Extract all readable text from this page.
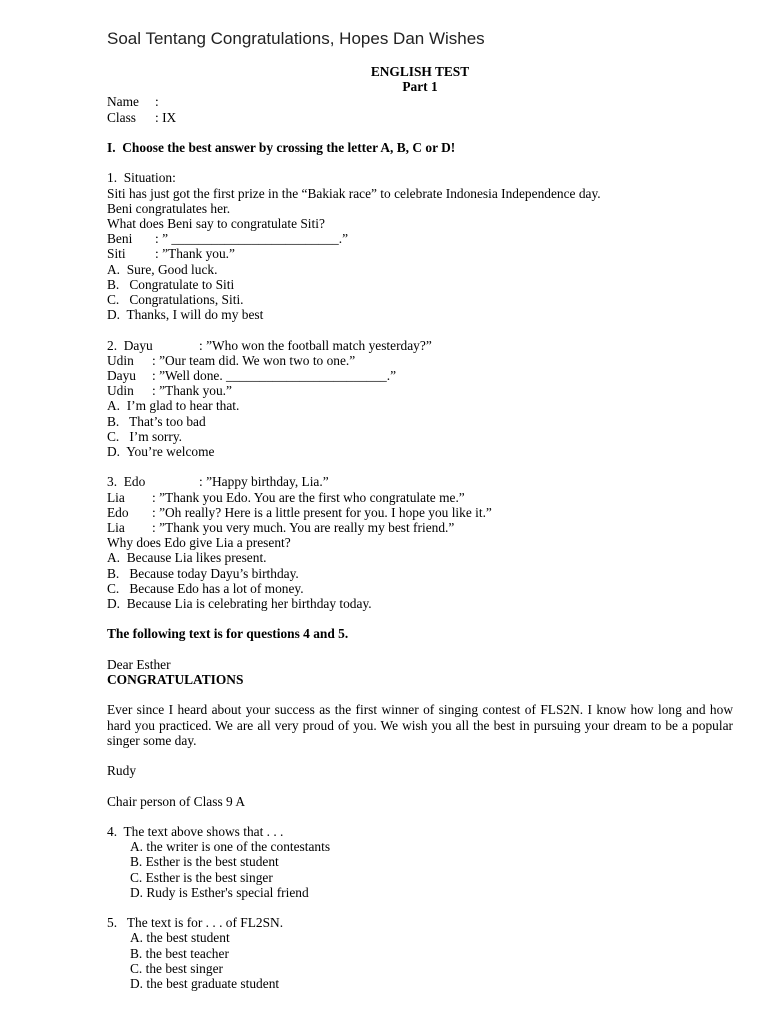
Soal Tentang Congratulations, Hopes Dan Wishes
ENGLISH TEST
Part 1
Name :
Class : IX
I.  Choose the best answer by crossing the letter A, B, C or D!
1.  Situation:
Siti has just got the first prize in the “Bakiak race” to celebrate Indonesia Independence day.
Beni congratulates her.
What does Beni say to congratulate Siti?
Beni : ” _________________________.”
Siti : ”Thank you.”
A.  Sure, Good luck.
B.   Congratulate to Siti
C.   Congratulations, Siti.
D.  Thanks, I will do my best
2.  Dayu	: ”Who won the football match yesterday?”
Udin : ”Our team did. We won two to one.”
Dayu : ”Well done. ________________________.”
Udin : ”Thank you.”
A.  I’m glad to hear that.
B.   That’s too bad
C.   I’m sorry.
D.  You’re welcome
3.  Edo	: ”Happy birthday, Lia.”
Lia : ”Thank you Edo. You are the first who congratulate me.”
Edo : ”Oh really? Here is a little present for you. I hope you like it.”
Lia : ”Thank you very much. You are really my best friend.”
Why does Edo give Lia a present?
A.  Because Lia likes present.
B.   Because today Dayu’s birthday.
C.   Because Edo has a lot of money.
D.  Because Lia is celebrating her birthday today.
The following text is for questions 4 and 5.
Dear Esther
CONGRATULATIONS
Ever since I heard about your success as the first winner of singing contest of FLS2N. I know how long and how hard you practiced. We are all very proud of you. We wish you all the best in pursuing your dream to be a popular singer some day.
Rudy
Chair person of Class 9 A
4.  The text above shows that . . .
A. the writer is one of the contestants
B. Esther is the best student
C. Esther is the best singer
D. Rudy is Esther's special friend
5.   The text is for . . . of FL2SN.
A. the best student
B. the best teacher
C. the best singer
D. the best graduate student
